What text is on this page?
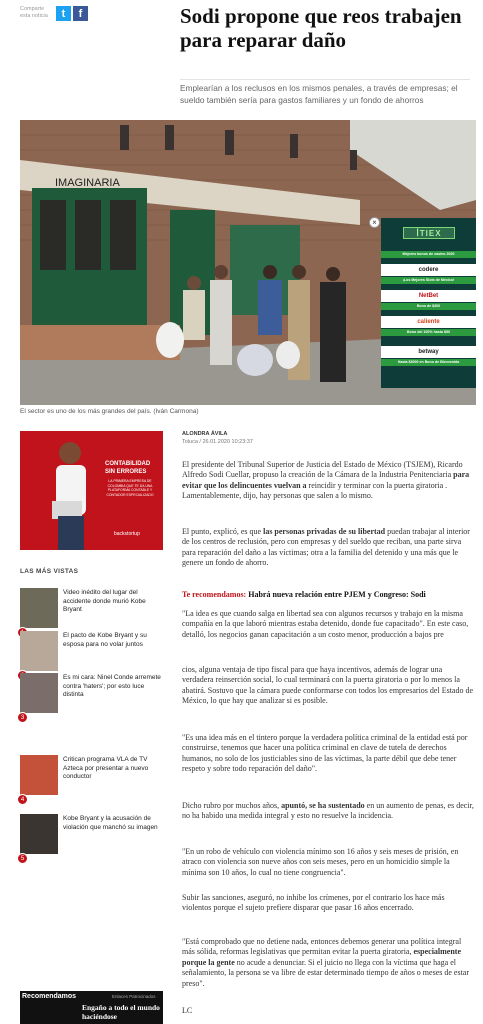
Comparte esta noticia	t	f	Sodi propone que reos trabajen para reparar daño

Emplearían a los reclusos en los mismos penales, a través de empresas; el sueldo también sería para gastos familiares y un fondo de ahorros

IMAGINARIA
El sector es uno de los más grandes del país. (Iván Carmona)
×
ꟾTIEX
Mejores bonos de casino 2020
codere
¡Los Mejores Slots de México!
NetBet
Bono de $300
caliente
Bono del 100% hasta $50
betway
Hasta $3000 en Bono de Bienvenida
CONTABILIDAD
SIN ERRORES
LA PRIMERA EMPRESA DE COLOMBIA QUE TE DA UNA PLATAFORMA CONTABLE Y CONTADOR ESPECIALIZADO
backstortup
LAS MÁS VISTAS
Video inédito del lugar del accidente donde murió Kobe Bryant
El pacto de Kobe Bryant y su esposa para no volar juntos
3
Es mi cara: Ninel Conde arremete contra 'haters'; por esto luce distinta
4
Critican programa VLA de TV Azteca por presentar a nuevo conductor
5
Kobe Bryant y la acusación de violación que manchó su imagen
Recomendamos	Enlaces Patrocinados
Engaño a todo el mundo haciéndose
ALONDRA ÁVILA
Toluca / 26.01.2020 10:23:37

El presidente del Tribunal Superior de Justicia del Estado de México (TSJEM), Ricardo Alfredo Sodi Cuellar, propuso la creación de la Cámara de la Industria Penitenciaria para evitar que los delincuentes vuelvan a reincidir y terminar con la puerta giratoria . Lamentablemente, dijo, hay personas que salen a lo mismo.

El punto, explicó, es que las personas privadas de su libertad puedan trabajar al interior de los centros de reclusión, pero con empresas y del sueldo que reciban, una parte sirva para reparación del daño a las víctimas; otra a la familia del detenido y una más que le genere un fondo de ahorro.

Te recomendamos: Habrá nueva relación entre PJEM y Congreso: Sodi

"La idea es que cuando salga en libertad sea con algunos recursos y trabajo en la misma compañía en la que laboró mientras estaba detenido, donde fue capacitado". En este caso, detalló, los negocios ganan capacitación a un costo menor, producción a bajos pre

cios, alguna ventaja de tipo fiscal para que haya incentivos, además de lograr una verdadera reinserción social, lo cual terminará con la puerta giratoria o por lo menos la abatirá. Sostuvo que la cámara puede conformarse con todos los empresarios del Estado de México, lo que hay que analizar si es posible.

"Es una idea más en el tintero porque la verdadera política criminal de la entidad está por construirse, tenemos que hacer una política criminal en clave de tutela de derechos humanos, no solo de los justiciables sino de las víctimas, la parte débil que debe tener respeto y sobre todo reparación del daño".

Dicho rubro por muchos años, apuntó, se ha sustentado en un aumento de penas, es decir, no ha habido una medida integral y esto no resuelve la incidencia.

"En un robo de vehículo con violencia mínimo son 16 años y seis meses de prisión, en atraco con violencia son nueve años con seis meses, pero en un homicidio simple la mínima son 10 años, lo cual no tiene congruencia".

Subir las sanciones, aseguró, no inhibe los crímenes, por el contrario los hace más violentos porque el sujeto prefiere disparar que pasar 16 años encerrado.

"Está comprobado que no detiene nada, entonces debemos generar una política integral más sólida, reformas legislativas que permitan evitar la puerta giratoria, especialmente porque la gente no acude a denunciar. Si el juicio no llega con la víctima que haga el señalamiento, la persona se va libre de estar determinado tiempo de años o meses de estar preso".

LC
